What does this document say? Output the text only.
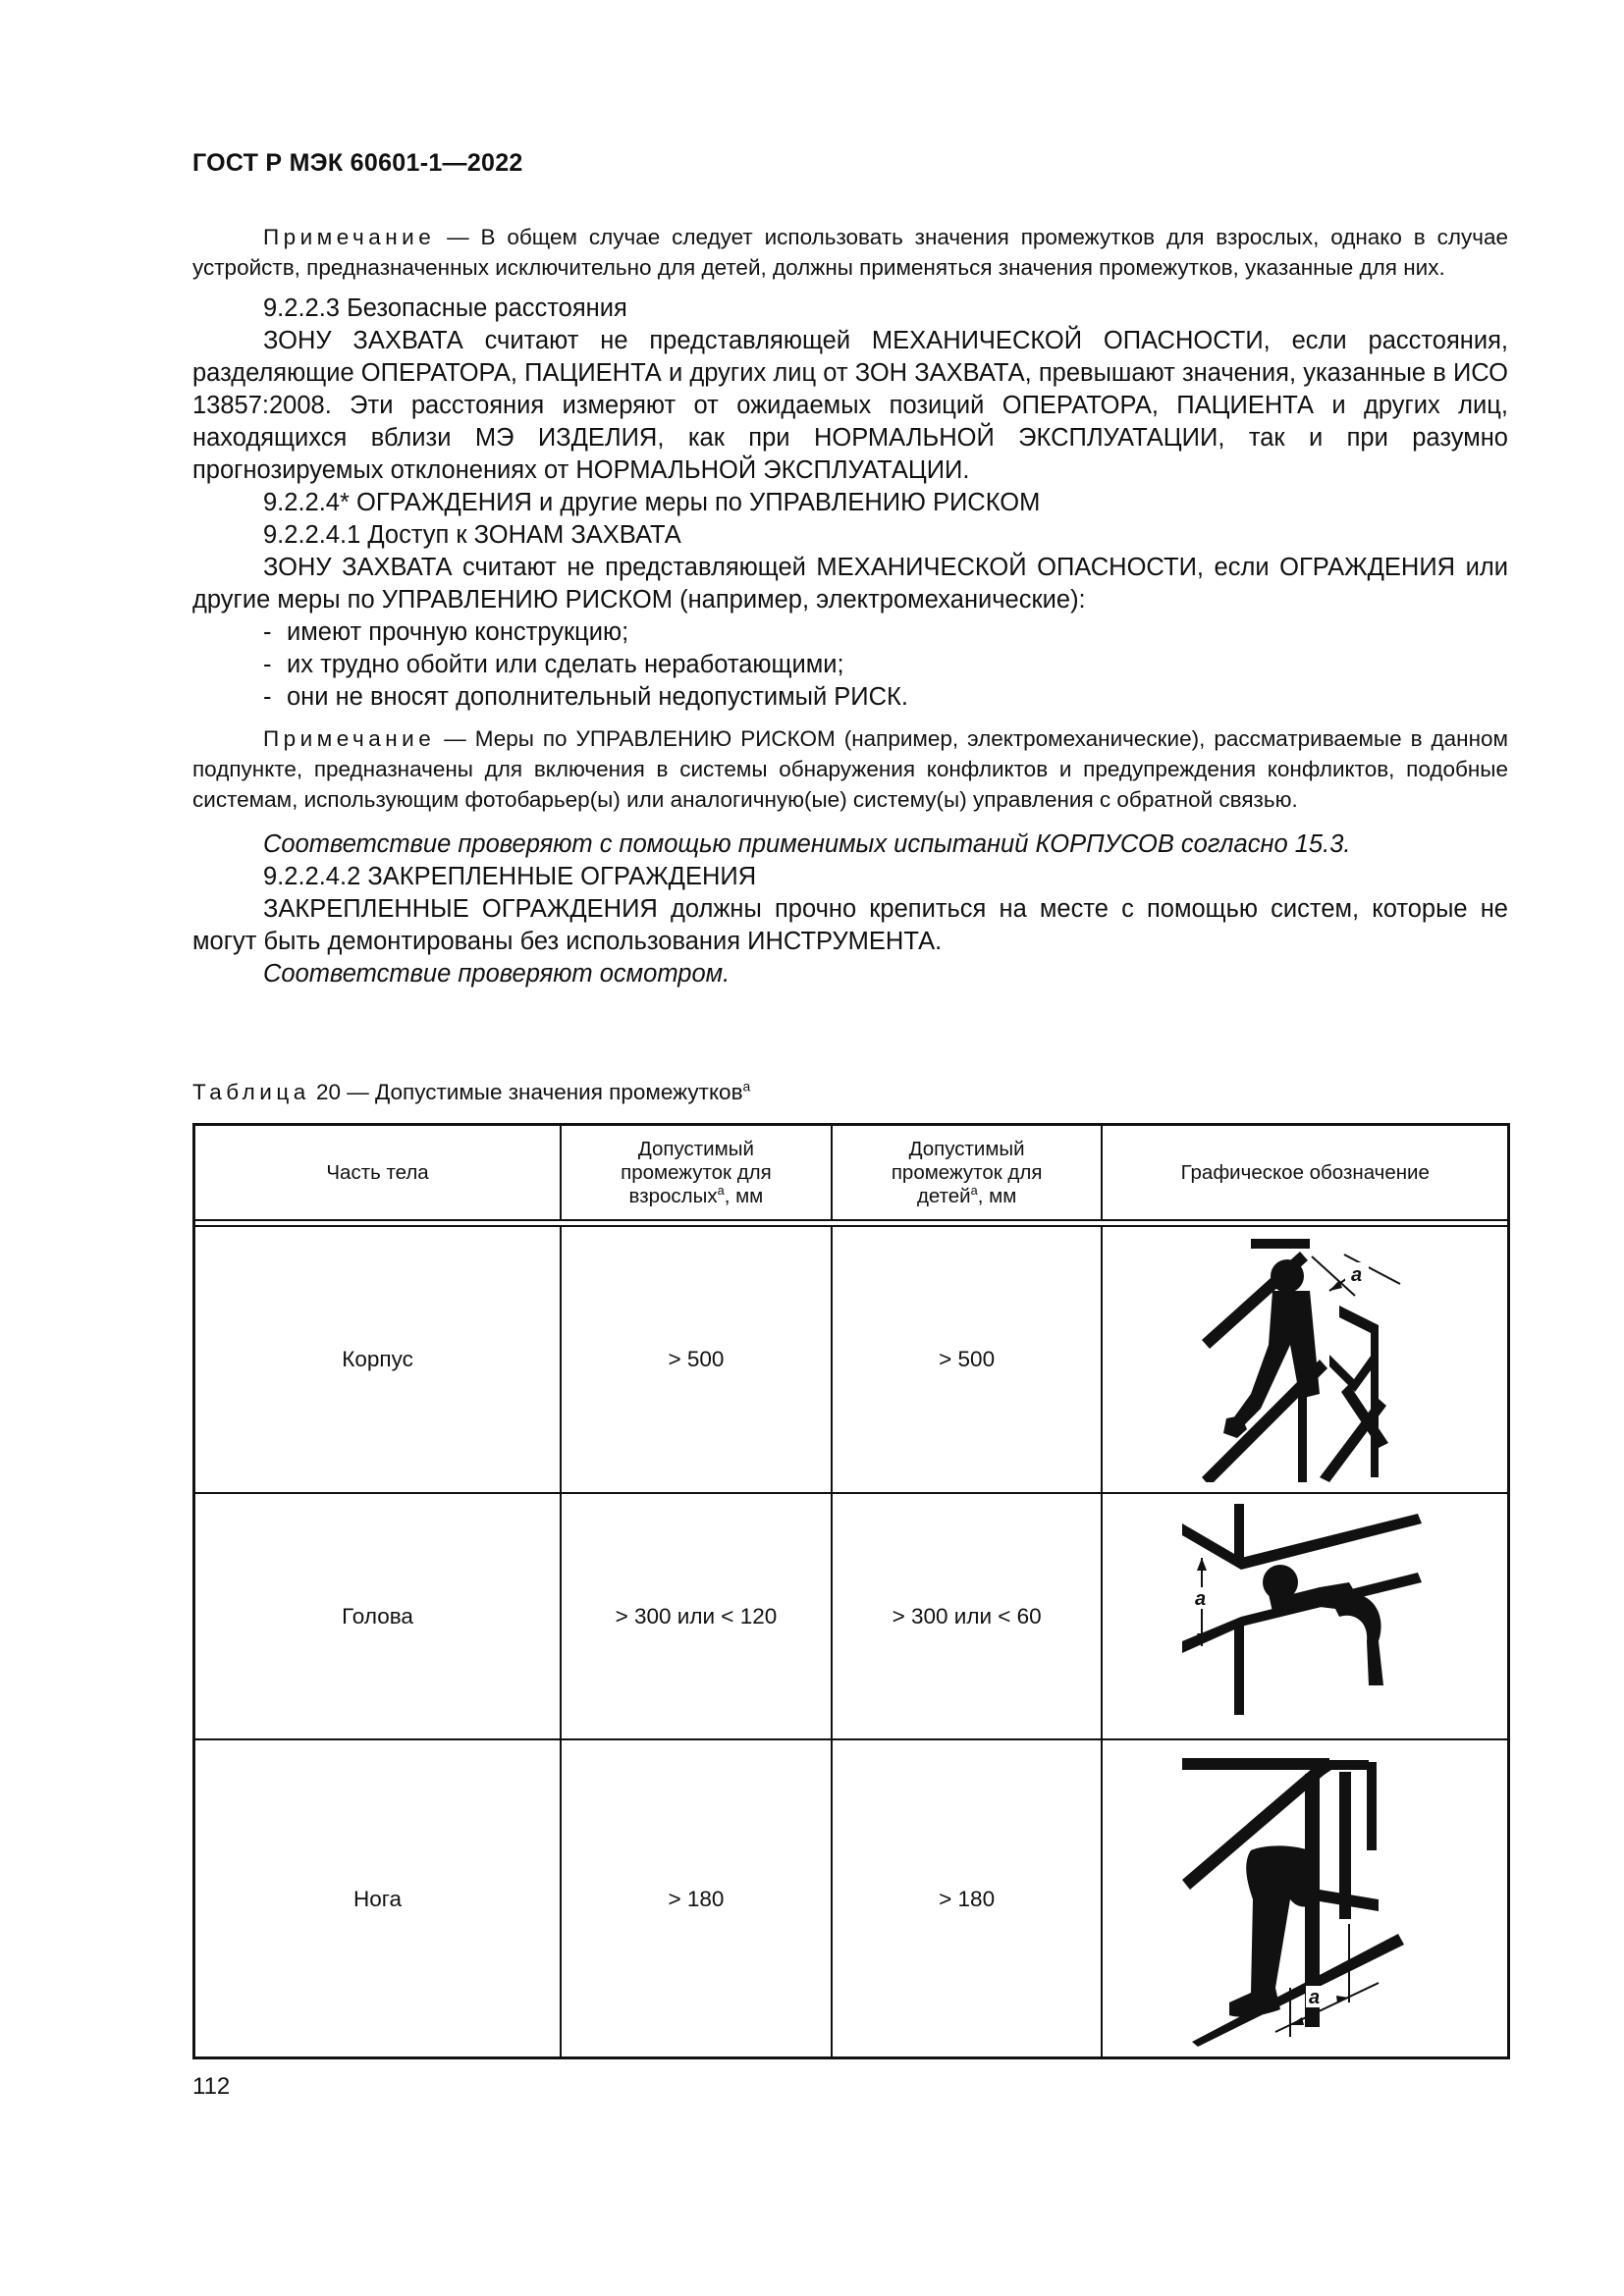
ГОСТ Р МЭК 60601-1—2022

Примечание — В общем случае следует использовать значения промежутков для взрослых, однако в случае устройств, предназначенных исключительно для детей, должны применяться значения промежутков, указанные для них.

9.2.2.3 Безопасные расстояния

ЗОНУ ЗАХВАТА считают не представляющей МЕХАНИЧЕСКОЙ ОПАСНОСТИ, если расстояния, разделяющие ОПЕРАТОРА, ПАЦИЕНТА и других лиц от ЗОН ЗАХВАТА, превышают значения, указанные в ИСО 13857:2008. Эти расстояния измеряют от ожидаемых позиций ОПЕРАТОРА, ПАЦИЕНТА и других лиц, находящихся вблизи МЭ ИЗДЕЛИЯ, как при НОРМАЛЬНОЙ ЭКСПЛУАТАЦИИ, так и при разумно прогнозируемых отклонениях от НОРМАЛЬНОЙ ЭКСПЛУАТАЦИИ.

9.2.2.4* ОГРАЖДЕНИЯ и другие меры по УПРАВЛЕНИЮ РИСКОМ

9.2.2.4.1 Доступ к ЗОНАМ ЗАХВАТА

ЗОНУ ЗАХВАТА считают не представляющей МЕХАНИЧЕСКОЙ ОПАСНОСТИ, если ОГРАЖДЕНИЯ или другие меры по УПРАВЛЕНИЮ РИСКОМ (например, электромеханические):

- имеют прочную конструкцию;
- их трудно обойти или сделать неработающими;
- они не вносят дополнительный недопустимый РИСК.

Примечание — Меры по УПРАВЛЕНИЮ РИСКОМ (например, электромеханические), рассматриваемые в данном подпункте, предназначены для включения в системы обнаружения конфликтов и предупреждения конфликтов, подобные системам, использующим фотобарьер(ы) или аналогичную(ые) систему(ы) управления с обратной связью.

Соответствие проверяют с помощью применимых испытаний КОРПУСОВ согласно 15.3.

9.2.2.4.2 ЗАКРЕПЛЕННЫЕ ОГРАЖДЕНИЯ

ЗАКРЕПЛЕННЫЕ ОГРАЖДЕНИЯ должны прочно крепиться на месте с помощью систем, которые не могут быть демонтированы без использования ИНСТРУМЕНТА.

Соответствие проверяют осмотром.

Таблица 20 — Допустимые значения промежутков$^a$
Часть тела	Допустимый промежуток для взрослых$^a$, мм	Допустимый промежуток для детей$^a$, мм	Графическое обозначение

Корпус	> 500	> 500	a

Голова	> 300 или < 120	> 300 или < 60	a

Нога	> 180	> 180	a
112
